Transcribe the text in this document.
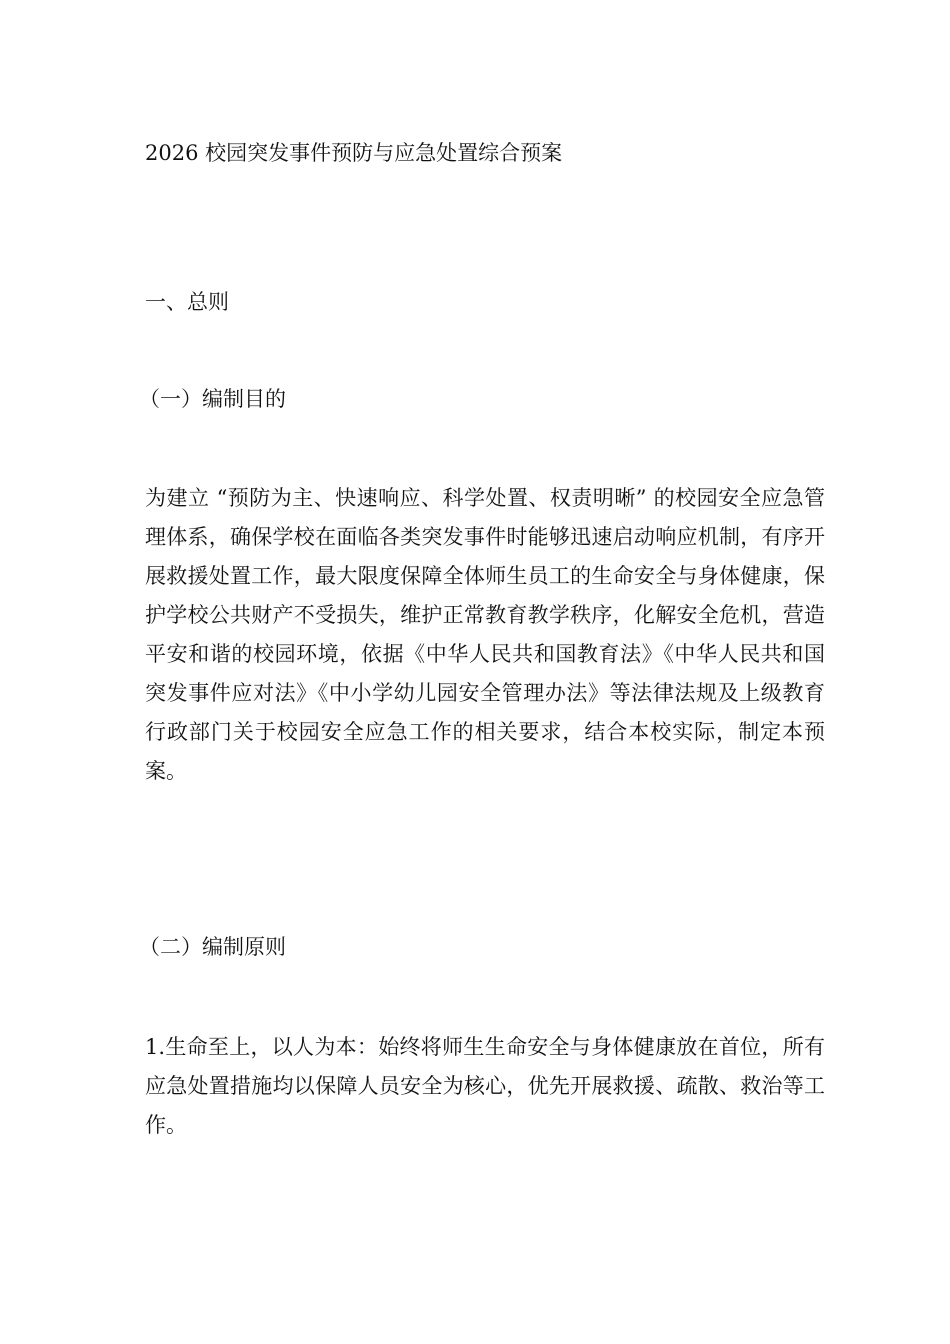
2026 校园突发事件预防与应急处置综合预案
一、总则
（一）编制目的

为建立 “预防为主、快速响应、科学处置、权责明晰” 的校园安全应急管理体系，确保学校在面临各类突发事件时能够迅速启动响应机制，有序开展救援处置工作，最大限度保障全体师生员工的生命安全与身体健康，保护学校公共财产不受损失，维护正常教育教学秩序，化解安全危机，营造平安和谐的校园环境，依据《中华人民共和国教育法》《中华人民共和国突发事件应对法》《中小学幼儿园安全管理办法》等法律法规及上级教育行政部门关于校园安全应急工作的相关要求，结合本校实际，制定本预案。

（二）编制原则

1.生命至上，以人为本：始终将师生生命安全与身体健康放在首位，所有应急处置措施均以保障人员安全为核心，优先开展救援、疏散、救治等工作。
